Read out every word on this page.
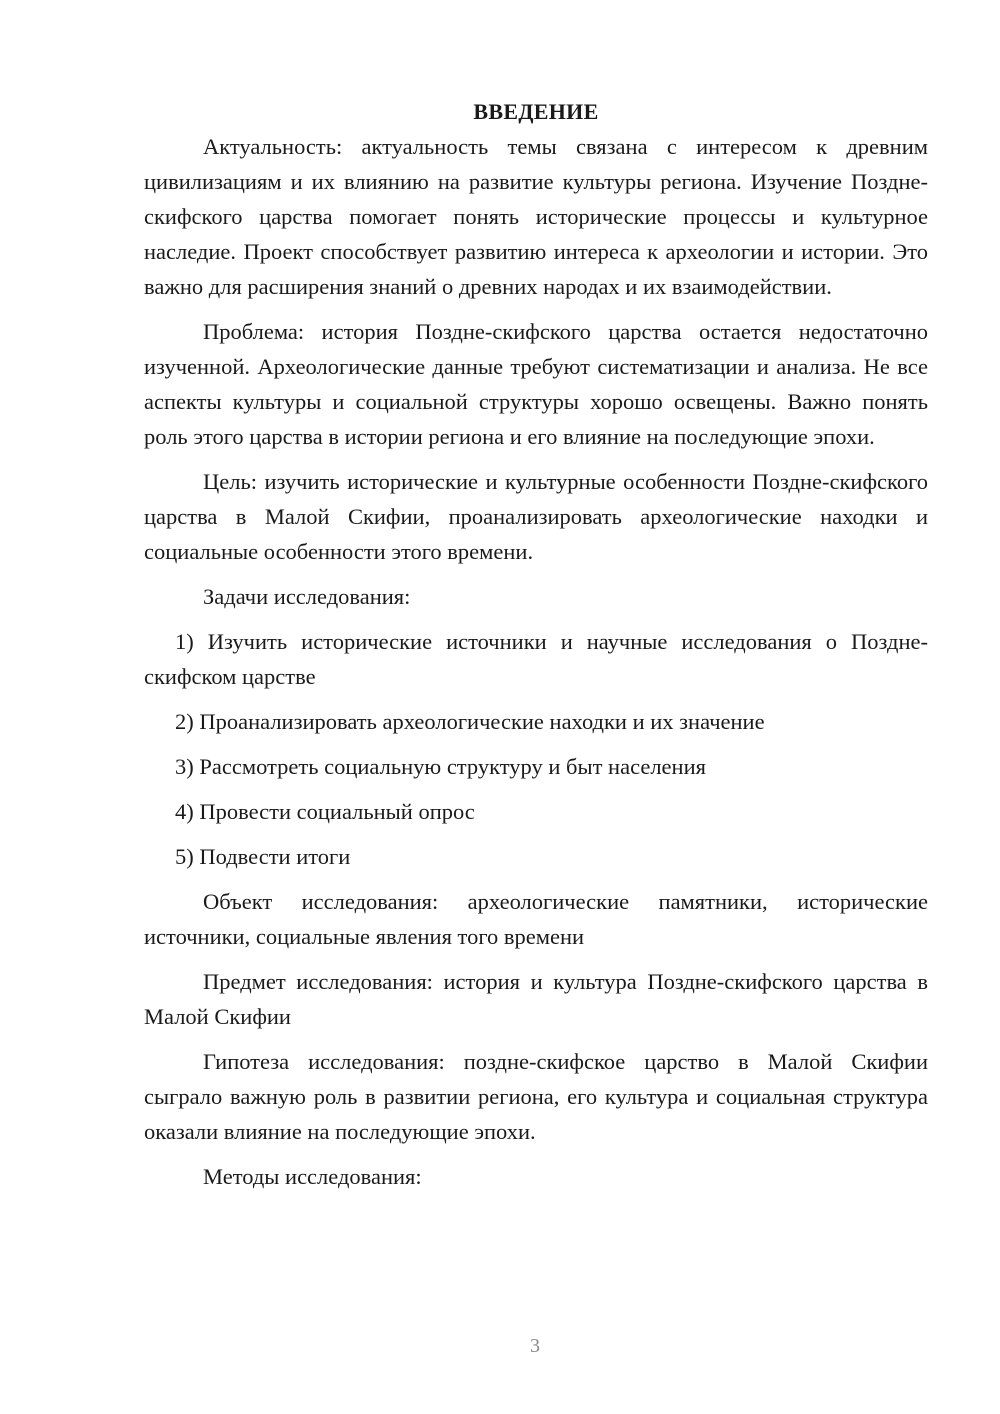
ВВЕДЕНИЕ

Актуальность: актуальность темы связана с интересом к древним цивилизациям и их влиянию на развитие культуры региона. Изучение Поздне-скифского царства помогает понять исторические процессы и культурное наследие. Проект способствует развитию интереса к археологии и истории. Это важно для расширения знаний о древних народах и их взаимодействии.

Проблема: история Поздне-скифского царства остается недостаточно изученной. Археологические данные требуют систематизации и анализа. Не все аспекты культуры и социальной структуры хорошо освещены. Важно понять роль этого царства в истории региона и его влияние на последующие эпохи.

Цель: изучить исторические и культурные особенности Поздне-скифского царства в Малой Скифии, проанализировать археологические находки и социальные особенности этого времени.

Задачи исследования:

1) Изучить исторические источники и научные исследования о Поздне-скифском царстве

2) Проанализировать археологические находки и их значение

3) Рассмотреть социальную структуру и быт населения

4) Провести социальный опрос

5) Подвести итоги

Объект исследования: археологические памятники, исторические источники, социальные явления того времени

Предмет исследования: история и культура Поздне-скифского царства в Малой Скифии

Гипотеза исследования: поздне-скифское царство в Малой Скифии сыграло важную роль в развитии региона, его культура и социальная структура оказали влияние на последующие эпохи.

Методы исследования:

3
